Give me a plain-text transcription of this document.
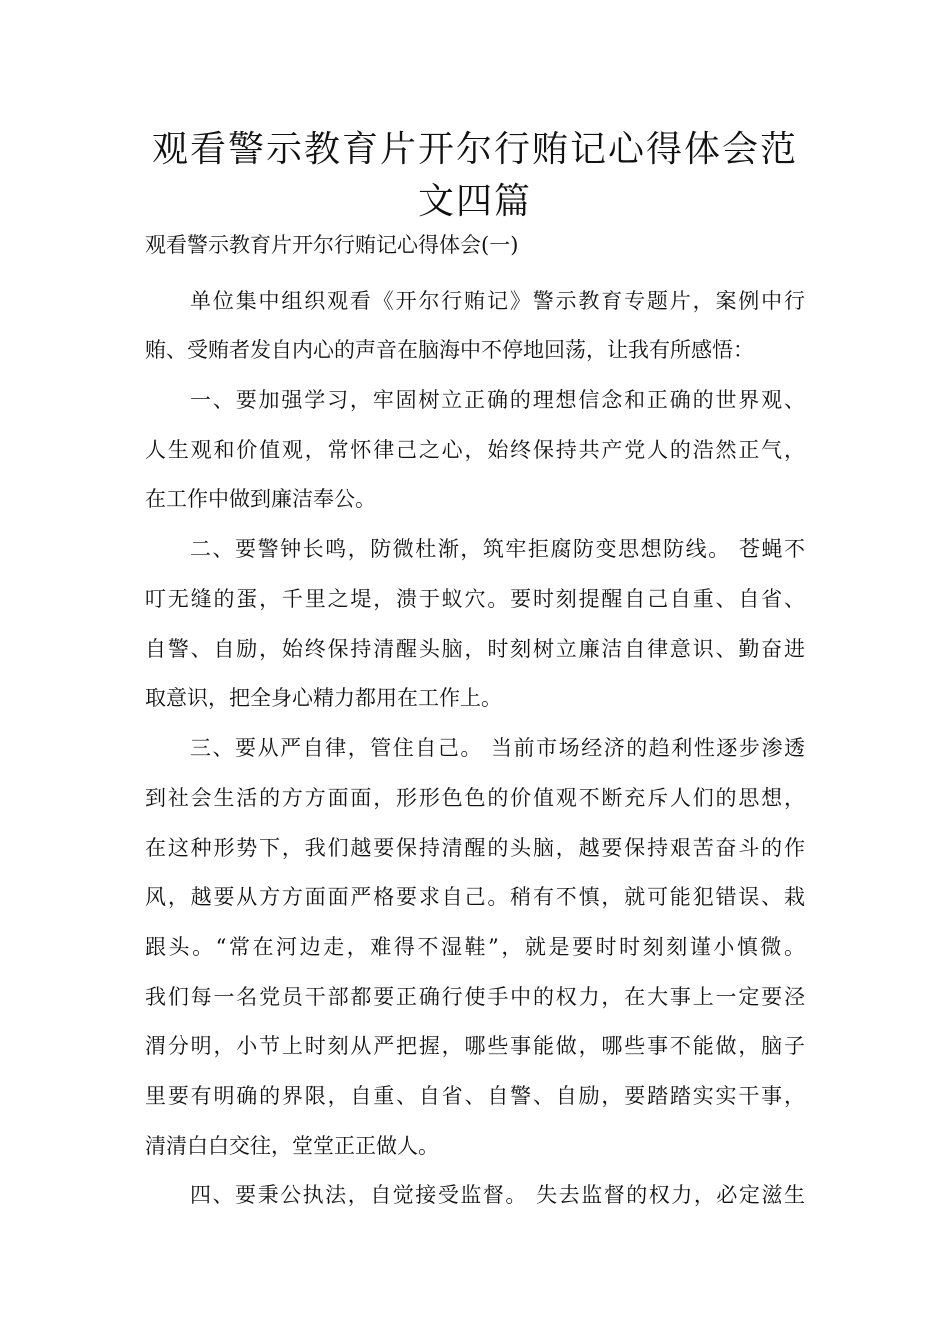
观看警示教育片开尔行贿记心得体会范
文四篇

观看警示教育片开尔行贿记心得体会(一)

单位集中组织观看《开尔行贿记》警示教育专题片，案例中行

贿、受贿者发自内心的声音在脑海中不停地回荡，让我有所感悟：

一、要加强学习，牢固树立正确的理想信念和正确的世界观、

人生观和价值观，常怀律己之心，始终保持共产党人的浩然正气，

在工作中做到廉洁奉公。

二、要警钟长鸣，防微杜渐，筑牢拒腐防变思想防线。 苍蝇不

叮无缝的蛋，千里之堤，溃于蚁穴。要时刻提醒自己自重、自省、

自警、自励，始终保持清醒头脑，时刻树立廉洁自律意识、勤奋进

取意识，把全身心精力都用在工作上。

三、要从严自律，管住自己。 当前市场经济的趋利性逐步渗透

到社会生活的方方面面，形形色色的价值观不断充斥人们的思想，

在这种形势下，我们越要保持清醒的头脑，越要保持艰苦奋斗的作

风，越要从方方面面严格要求自己。稍有不慎，就可能犯错误、栽

跟头。“常在河边走，难得不湿鞋”，就是要时时刻刻谨小慎微。

我们每一名党员干部都要正确行使手中的权力，在大事上一定要泾

渭分明，小节上时刻从严把握，哪些事能做，哪些事不能做，脑子

里要有明确的界限，自重、自省、自警、自励，要踏踏实实干事，

清清白白交往，堂堂正正做人。

四、要秉公执法，自觉接受监督。 失去监督的权力，必定滋生
